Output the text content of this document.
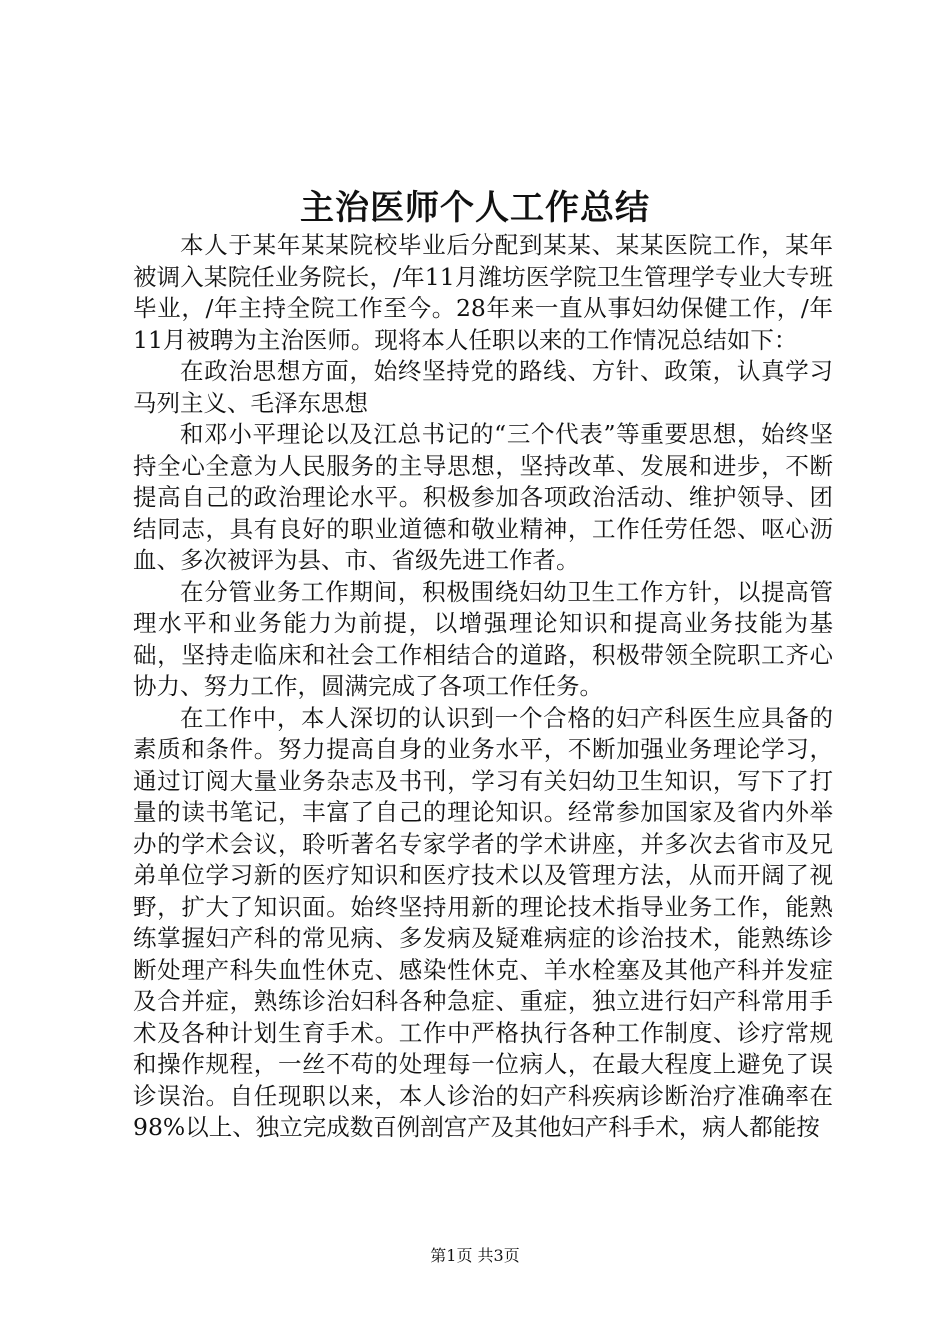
主治医师个人工作总结

本人于某年某某院校毕业后分配到某某、某某医院工作，某年被调入某院任业务院长，/年11月潍坊医学院卫生管理学专业大专班毕业，/年主持全院工作至今。28年来一直从事妇幼保健工作，/年11月被聘为主治医师。现将本人任职以来的工作情况总结如下：

在政治思想方面，始终坚持党的路线、方针、政策，认真学习马列主义、毛泽东思想

和邓小平理论以及江总书记的“三个代表”等重要思想，始终坚持全心全意为人民服务的主导思想，坚持改革、发展和进步，不断提高自己的政治理论水平。积极参加各项政治活动、维护领导、团结同志，具有良好的职业道德和敬业精神，工作任劳任怨、呕心沥血、多次被评为县、市、省级先进工作者。

在分管业务工作期间，积极围绕妇幼卫生工作方针，以提高管理水平和业务能力为前提，以增强理论知识和提高业务技能为基础，坚持走临床和社会工作相结合的道路，积极带领全院职工齐心协力、努力工作，圆满完成了各项工作任务。

在工作中，本人深切的认识到一个合格的妇产科医生应具备的素质和条件。努力提高自身的业务水平，不断加强业务理论学习，通过订阅大量业务杂志及书刊，学习有关妇幼卫生知识，写下了打量的读书笔记，丰富了自己的理论知识。经常参加国家及省内外举办的学术会议，聆听著名专家学者的学术讲座，并多次去省市及兄弟单位学习新的医疗知识和医疗技术以及管理方法，从而开阔了视野，扩大了知识面。始终坚持用新的理论技术指导业务工作，能熟练掌握妇产科的常见病、多发病及疑难病症的诊治技术，能熟练诊断处理产科失血性休克、感染性休克、羊水栓塞及其他产科并发症及合并症，熟练诊治妇科各种急症、重症，独立进行妇产科常用手术及各种计划生育手术。工作中严格执行各种工作制度、诊疗常规和操作规程，一丝不苟的处理每一位病人，在最大程度上避免了误诊误治。自任现职以来，本人诊治的妇产科疾病诊断治疗准确率在98%以上、独立完成数百例剖宫产及其他妇产科手术，病人都能按

第1页 共3页
